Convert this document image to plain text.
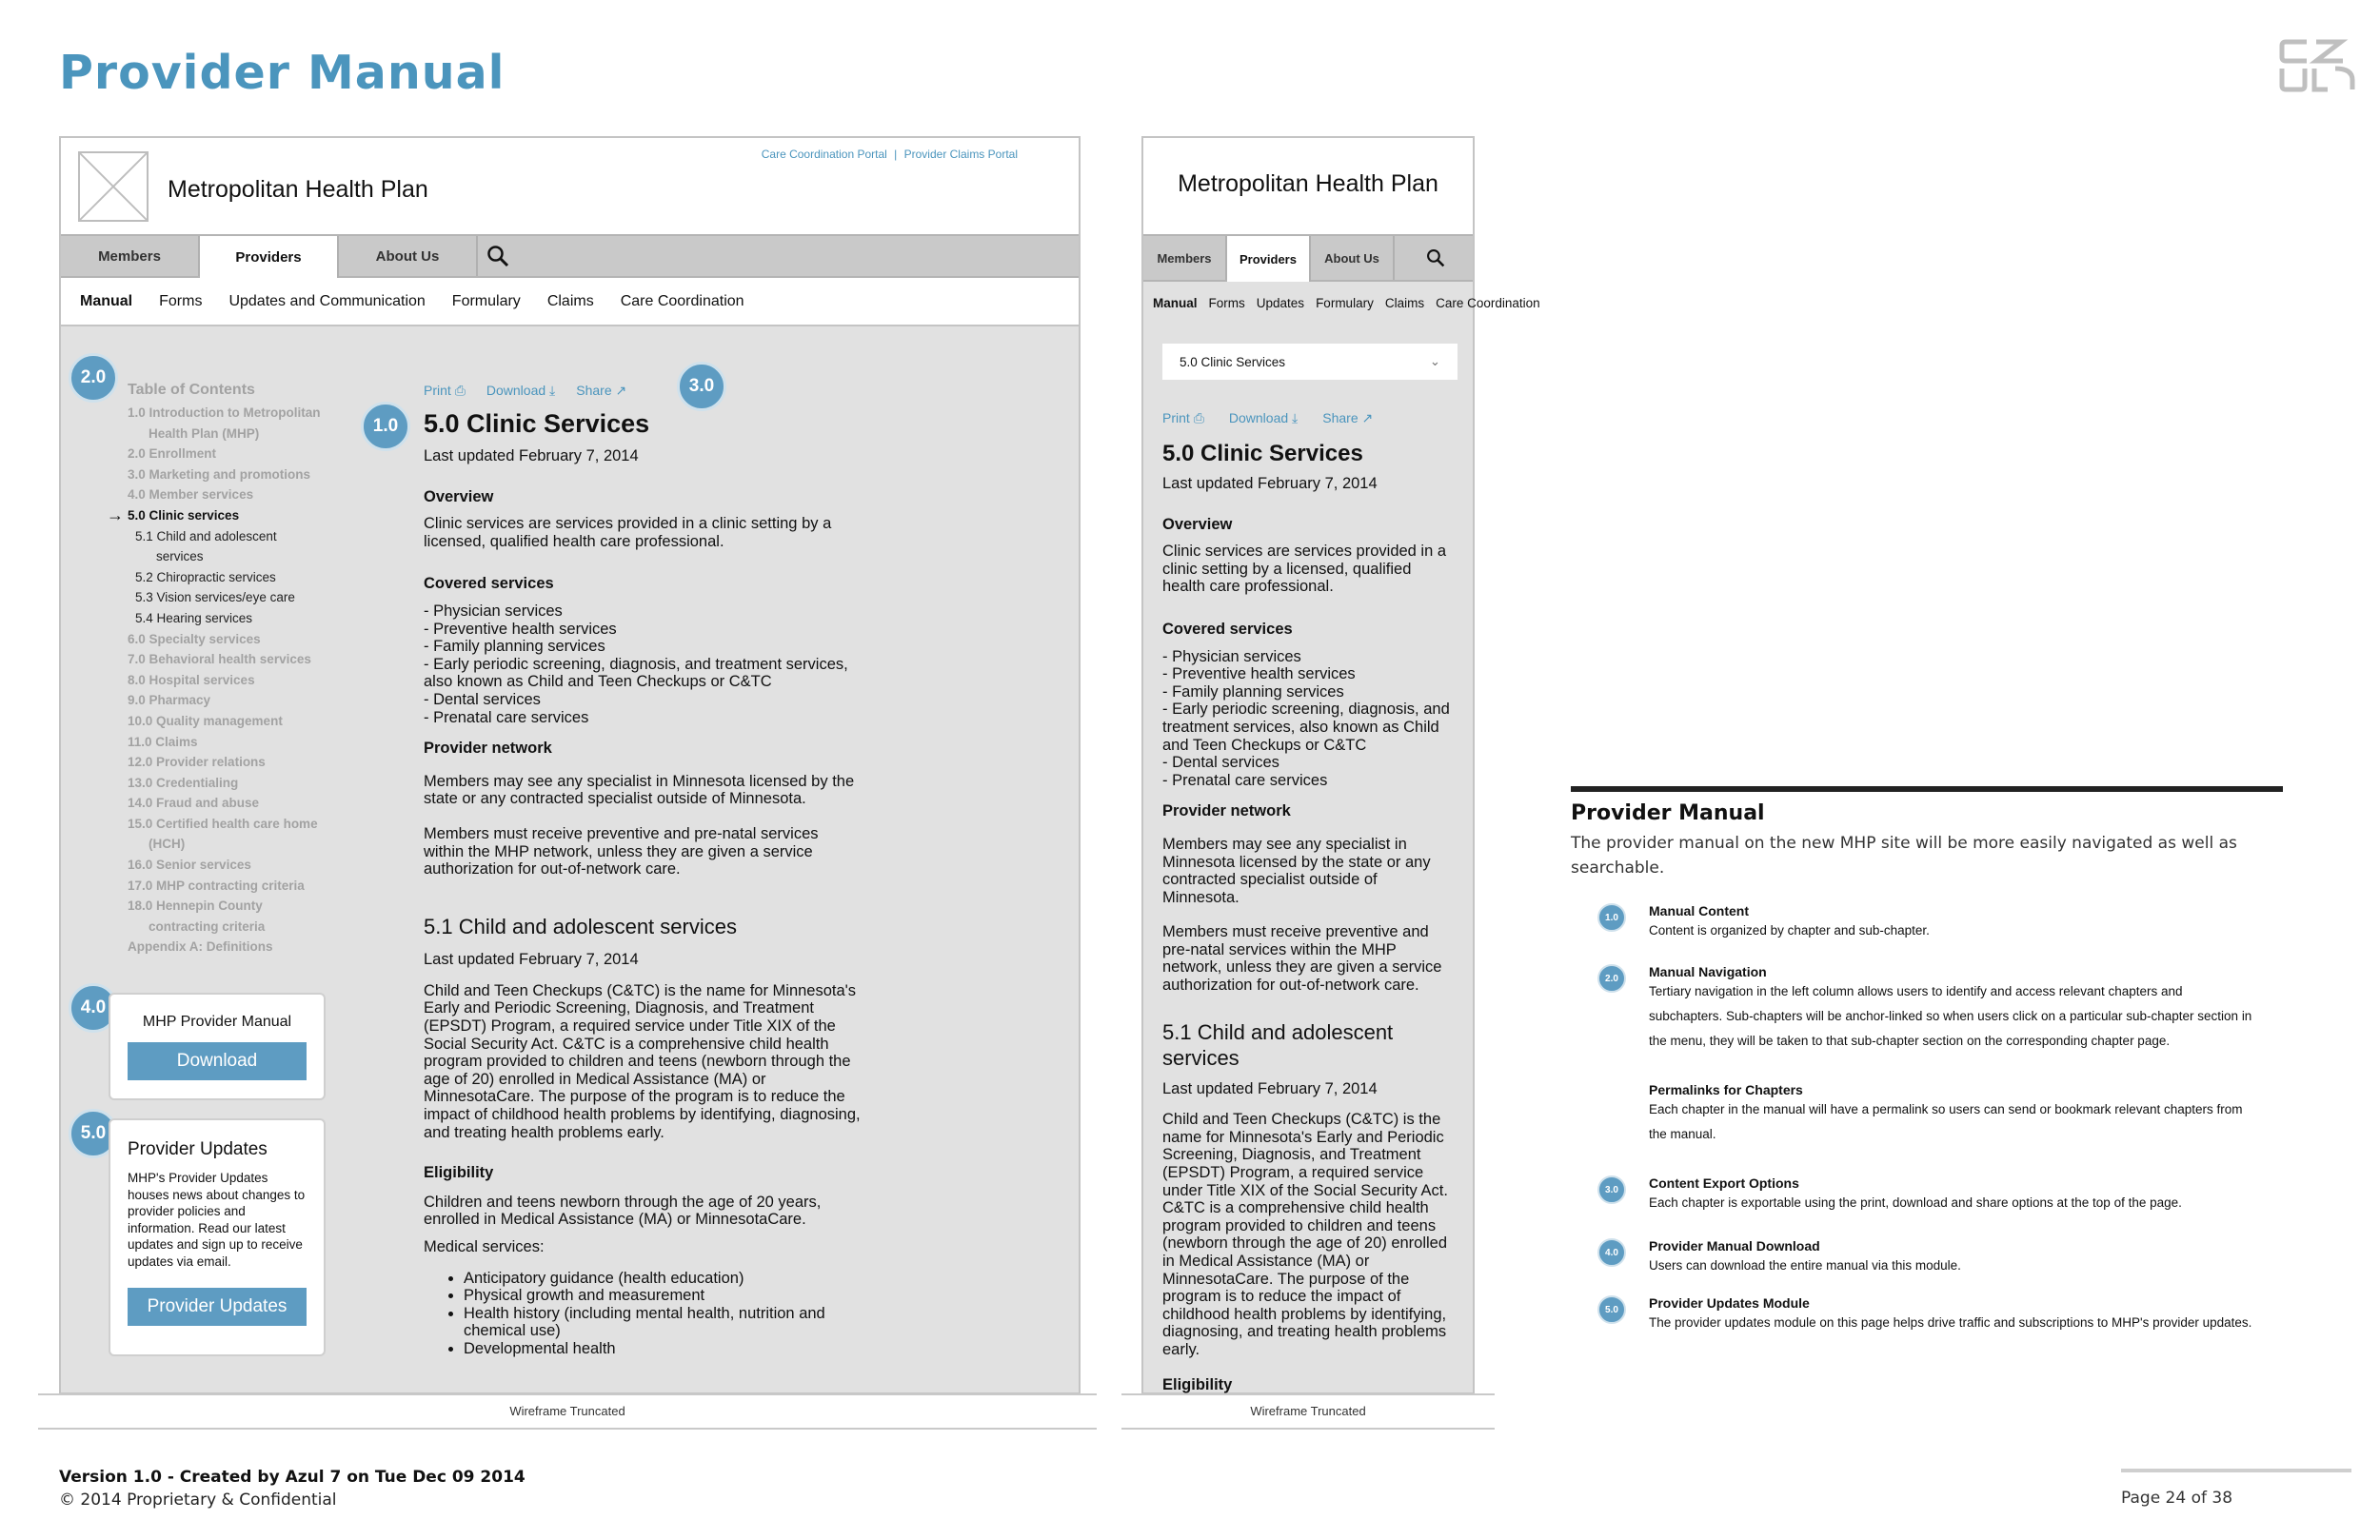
Provider Manual
Metropolitan Health Plan
Care Coordination Portal | Provider Claims Portal
Members	Providers	About Us
Manual Forms Updates and Communication Formulary Claims Care Coordination
2.0
Table of Contents
1.0 Introduction to Metropolitan
Health Plan (MHP)
2.0 Enrollment
3.0 Marketing and promotions
4.0 Member services
5.0 Clinic services
→
5.1 Child and adolescent
services
5.2 Chiropractic services
5.3 Vision services/eye care
5.4 Hearing services
6.0 Specialty services
7.0 Behavioral health services
8.0 Hospital services
9.0 Pharmacy
10.0 Quality management
11.0 Claims
12.0 Provider relations
13.0 Credentialing
14.0 Fraud and abuse
15.0 Certified health care home
(HCH)
16.0 Senior services
17.0 MHP contracting criteria
18.0 Hennepin County
contracting criteria
Appendix A: Definitions
4.0
MHP Provider Manual
Download
5.0
Provider Updates
MHP's Provider Updates houses news about changes to provider policies and information. Read our latest updates and sign up to receive updates via email.
Provider Updates
1.0
3.0
Print ⎙ Download ⤓ Share ↗
5.0 Clinic Services
Last updated February 7, 2014
Overview
Clinic services are services provided in a clinic setting by a licensed, qualified health care professional.
Covered services
- Physician services
- Preventive health services
- Family planning services
- Early periodic screening, diagnosis, and treatment services, also known as Child and Teen Checkups or C&TC
- Dental services
- Prenatal care services
Provider network
Members may see any specialist in Minnesota licensed by the state or any contracted specialist outside of Minnesota.
Members must receive preventive and pre-natal services within the MHP network, unless they are given a service authorization for out-of-network care.
5.1 Child and adolescent services
Last updated February 7, 2014
Child and Teen Checkups (C&TC) is the name for Minnesota's Early and Periodic Screening, Diagnosis, and Treatment (EPSDT) Program, a required service under Title XIX of the Social Security Act. C&TC is a comprehensive child health program provided to children and teens (newborn through the age of 20) enrolled in Medical Assistance (MA) or MinnesotaCare. The purpose of the program is to reduce the impact of childhood health problems by identifying, diagnosing, and treating health problems early.
Eligibility
Children and teens newborn through the age of 20 years, enrolled in Medical Assistance (MA) or MinnesotaCare.
Medical services:
• Anticipatory guidance (health education)
• Physical growth and measurement
• Health history (including mental health, nutrition and chemical use)
• Developmental health
Wireframe Truncated
Metropolitan Health Plan
Members	Providers	About Us
Manual Forms Updates Formulary Claims Care Coordination
5.0 Clinic Services	⌄
Print ⎙ Download ⤓ Share ↗
5.0 Clinic Services
Last updated February 7, 2014
Overview
Clinic services are services provided in a clinic setting by a licensed, qualified health care professional.
Covered services
- Physician services
- Preventive health services
- Family planning services
- Early periodic screening, diagnosis, and treatment services, also known as Child and Teen Checkups or C&TC
- Dental services
- Prenatal care services
Provider network
Members may see any specialist in Minnesota licensed by the state or any contracted specialist outside of Minnesota.
Members must receive preventive and pre-natal services within the MHP network, unless they are given a service authorization for out-of-network care.
5.1 Child and adolescent services
Last updated February 7, 2014
Child and Teen Checkups (C&TC) is the name for Minnesota's Early and Periodic Screening, Diagnosis, and Treatment (EPSDT) Program, a required service under Title XIX of the Social Security Act. C&TC is a comprehensive child health program provided to children and teens (newborn through the age of 20) enrolled in Medical Assistance (MA) or MinnesotaCare. The purpose of the program is to reduce the impact of childhood health problems by identifying, diagnosing, and treating health problems early.
Eligibility
Wireframe Truncated
Provider Manual
The provider manual on the new MHP site will be more easily navigated as well as searchable.
1.0	Manual Content

Content is organized by chapter and sub-chapter.

2.0	Manual Navigation

Tertiary navigation in the left column allows users to identify and access relevant chapters and subchapters. Sub-chapters will be anchor-linked so when users click on a particular sub-chapter section in the menu, they will be taken to that sub-chapter section on the corresponding chapter page.

Permalinks for Chapters

Each chapter in the manual will have a permalink so users can send or bookmark relevant chapters from the manual.

3.0	Content Export Options

Each chapter is exportable using the print, download and share options at the top of the page.

4.0	Provider Manual Download

Users can download the entire manual via this module.

5.0	Provider Updates Module

The provider updates module on this page helps drive traffic and subscriptions to MHP's provider updates.

Version 1.0 - Created by Azul 7 on Tue Dec 09 2014
© 2014 Proprietary & Confidential	Page 24 of 38
